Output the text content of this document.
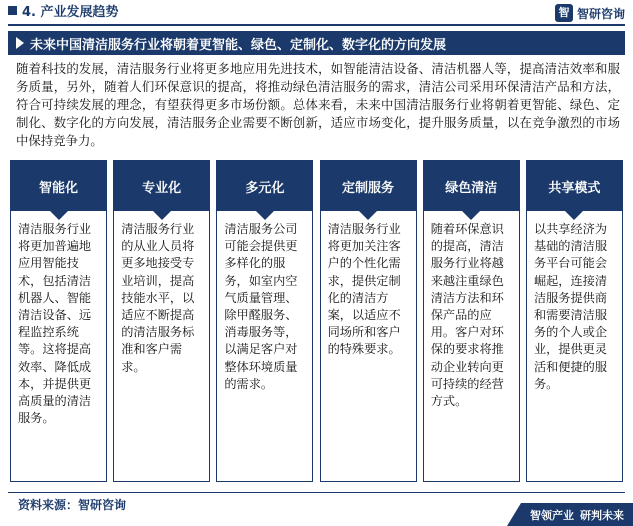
4. 产业发展趋势	智 智研咨询
未来中国清洁服务行业将朝着更智能、绿色、定制化、数字化的方向发展
随着科技的发展，清洁服务行业将更多地应用先进技术，如智能清洁设备、清洁机器人等，提高清洁效率和服务质量，另外，随着人们环保意识的提高，将推动绿色清洁服务的需求，清洁公司采用环保清洁产品和方法，符合可持续发展的理念，有望获得更多市场份额。总体来看，未来中国清洁服务行业将朝着更智能、绿色、定制化、数字化的方向发展，清洁服务企业需要不断创新，适应市场变化，提升服务质量，以在竞争激烈的市场中保持竞争力。
智能化
清洁服务行业将更加普遍地应用智能技术，包括清洁机器人、智能清洁设备、远程监控系统等。这将提高效率、降低成本，并提供更高质量的清洁服务。
专业化
清洁服务行业的从业人员将更多地接受专业培训，提高技能水平，以适应不断提高的清洁服务标准和客户需求。
多元化
清洁服务公司可能会提供更多样化的服务，如室内空气质量管理、除甲醛服务、消毒服务等，以满足客户对整体环境质量的需求。
定制服务
清洁服务行业将更加关注客户的个性化需求，提供定制化的清洁方案，以适应不同场所和客户的特殊要求。
绿色清洁
随着环保意识的提高，清洁服务行业将越来越注重绿色清洁方法和环保产品的应用。客户对环保的要求将推动企业转向更可持续的经营方式。
共享模式
以共享经济为基础的清洁服务平台可能会崛起，连接清洁服务提供商和需要清洁服务的个人或企业，提供更灵活和便捷的服务。
资料来源：智研咨询
智领产业 研判未来
